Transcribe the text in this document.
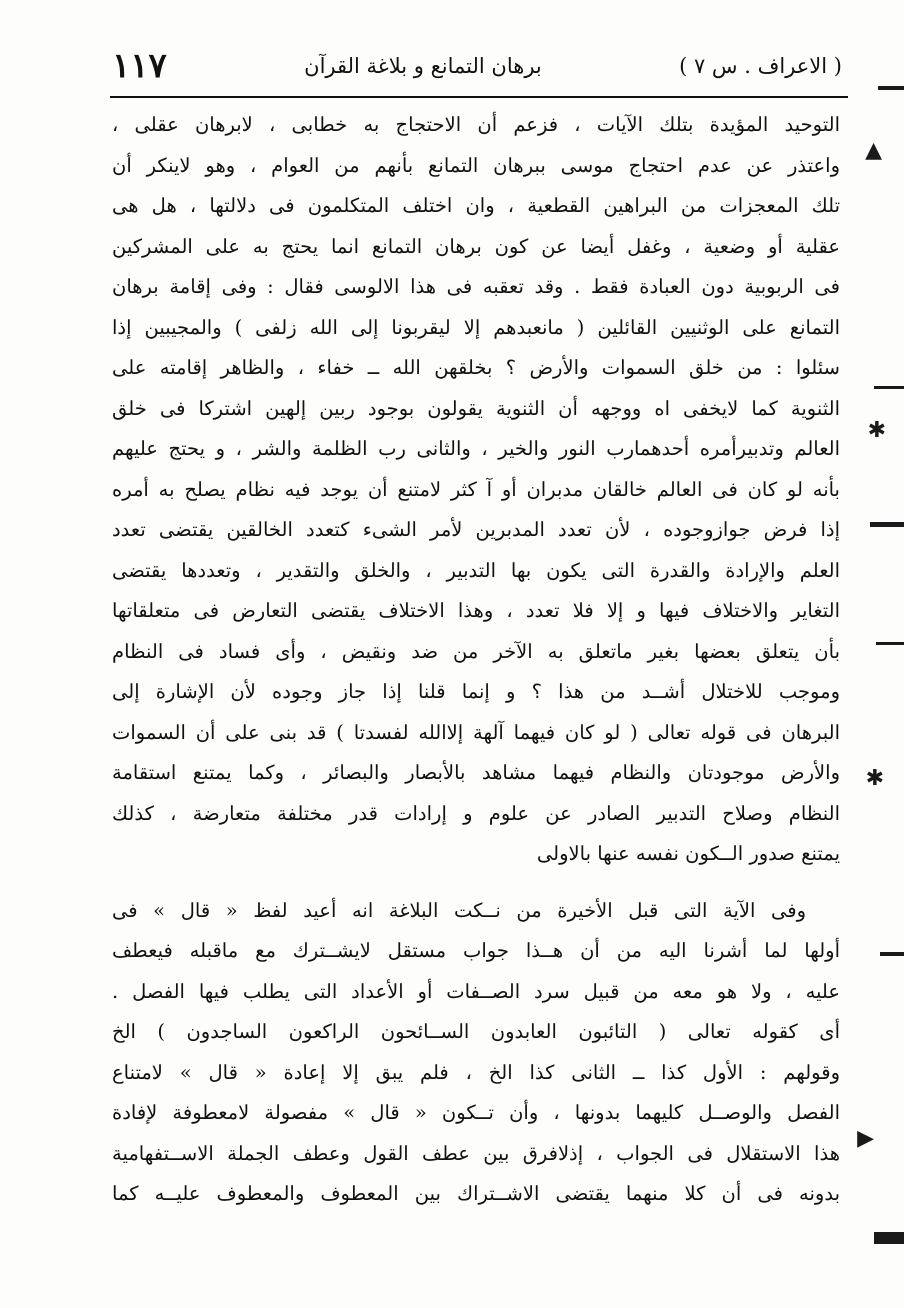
( الاعراف . س ٧ )
برهان التمانع و بلاغة القرآن
١١٧
التوحيد المؤيدة بتلك الآيات ، فزعم أن الاحتجاج به خطابى ، لابرهان عقلى ،
واعتذر عن عدم احتجاج موسى ببرهان التمانع بأنهم من العوام ، وهو لاينكر أن
تلك المعجزات من البراهين القطعية ، وان اختلف المتكلمون فى دلالتها ، هل هى
عقلية أو وضعية ، وغفل أيضا عن كون برهان التمانع انما يحتج به على المشركين
فى الربوبية دون العبادة فقط . وقد تعقبه فى هذا الالوسى فقال : وفى إقامة برهان
التمانع على الوثنيين القائلين ( مانعبدهم إلا ليقربونا إلى الله زلفى ) والمجيبين إذا
سئلوا : من خلق السموات والأرض ؟ بخلقهن الله ــ خفاء ، والظاهر إقامته على
الثنوية كما لايخفى اه ووجهه أن الثنوية يقولون بوجود ربين إلهين اشتركا فى خلق
العالم وتدبيرأمره أحدهمارب النور والخير ، والثانى رب الظلمة والشر ، و يحتج عليهم
بأنه لو كان فى العالم خالقان مدبران أو آ كثر لامتنع أن يوجد فيه نظام يصلح به أمره
إذا فرض جوازوجوده ، لأن تعدد المدبرين لأمر الشىء كتعدد الخالقين يقتضى تعدد
العلم والإرادة والقدرة التى يكون بها التدبير ، والخلق والتقدير ، وتعددها يقتضى
التغاير والاختلاف فيها و إلا فلا تعدد ، وهذا الاختلاف يقتضى التعارض فى متعلقاتها
بأن يتعلق بعضها بغير ماتعلق به الآخر من ضد ونقيض ، وأى فساد فى النظام
وموجب للاختلال أشــد من هذا ؟ و إنما قلنا إذا جاز وجوده لأن الإشارة إلى
البرهان فى قوله تعالى ( لو كان فيهما آلهة إلاالله لفسدتا ) قد بنى على أن السموات
والأرض موجودتان والنظام فيهما مشاهد بالأبصار والبصائر ، وكما يمتنع استقامة
النظام وصلاح التدبير الصادر عن علوم و إرادات قدر مختلفة متعارضة ، كذلك
يمتنع صدور الــكون نفسه عنها بالاولى
وفى الآية التى قبل الأخيرة من نــكت البلاغة انه أعيد لفظ « قال » فى
أولها لما أشرنا اليه من أن هــذا جواب مستقل لايشــترك مع ماقبله فيعطف
عليه ، ولا هو معه من قبيل سرد الصــفات أو الأعداد التى يطلب فيها الفصل .
أى كقوله تعالى ( التائبون العابدون الســائحون الراكعون الساجدون ) الخ
وقولهم : الأول كذا ــ الثانى كذا الخ ، فلم يبق إلا إعادة « قال » لامتناع
الفصل والوصــل كليهما بدونها ، وأن تــكون « قال » مفصولة لامعطوفة لإفادة
هذا الاستقلال فى الجواب ، إذلافرق بين عطف القول وعطف الجملة الاســتفهامية
بدونه فى أن كلا منهما يقتضى الاشــتراك بين المعطوف والمعطوف عليــه كما
▲
✱
✱
▶
